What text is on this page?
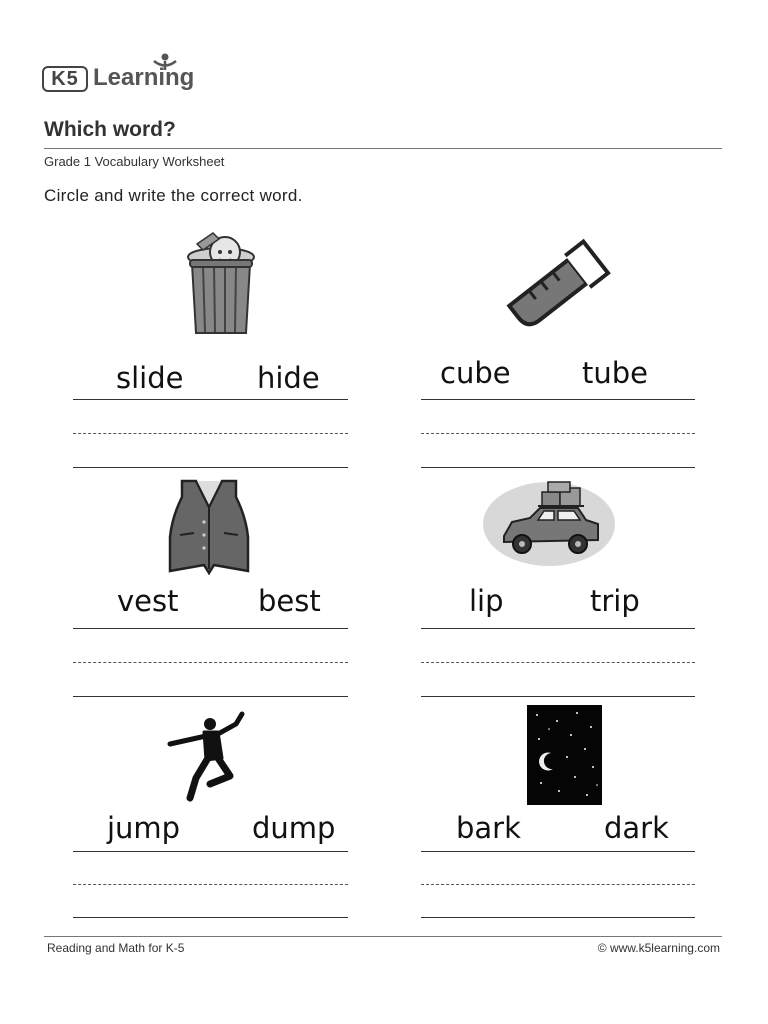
K5 Learning
Which word?
Grade 1 Vocabulary Worksheet
Circle and write the correct word.
slide	hide	cube tube
vest	best	lip	trip
jump dump	bark	dark
Reading and Math for K-5	© www.k5learning.com
